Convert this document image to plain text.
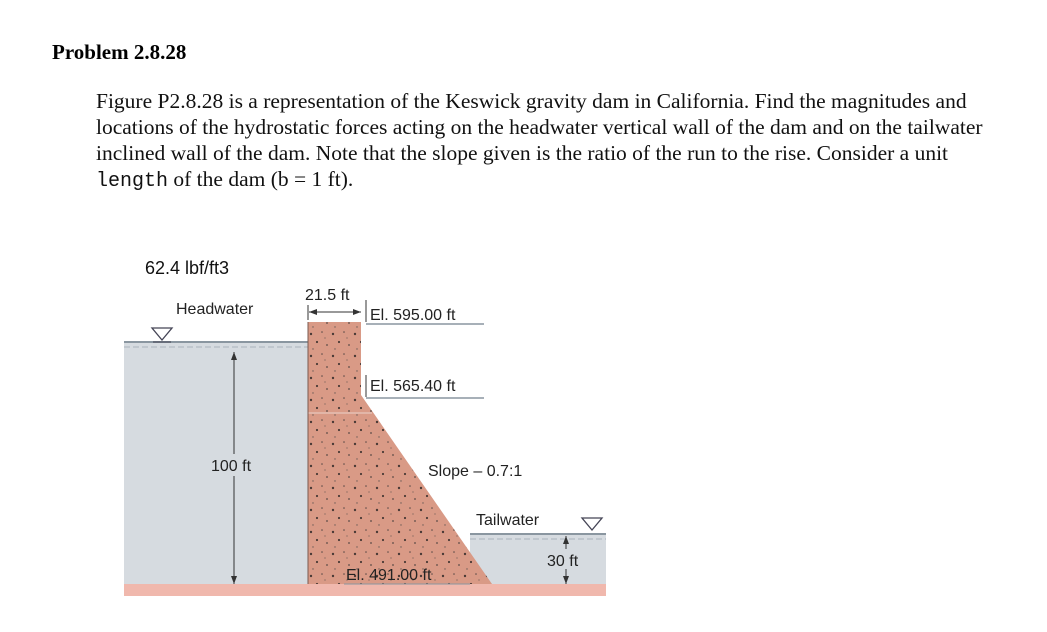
Problem 2.8.28

Figure P2.8.28 is a representation of the Keswick gravity dam in California. Find the magnitudes and locations of the hydrostatic forces acting on the headwater vertical wall of the dam and on the tailwater inclined wall of the dam. Note that the slope given is the ratio of the run to the rise. Consider a unit length of the dam (b = 1 ft).

62.4 lbf/ft3
Headwater
21.5 ft
El. 595.00 ft
El. 565.40 ft
100 ft	Slope – 0.7:1
Tailwater
30 ft
El. 491.00 ft
